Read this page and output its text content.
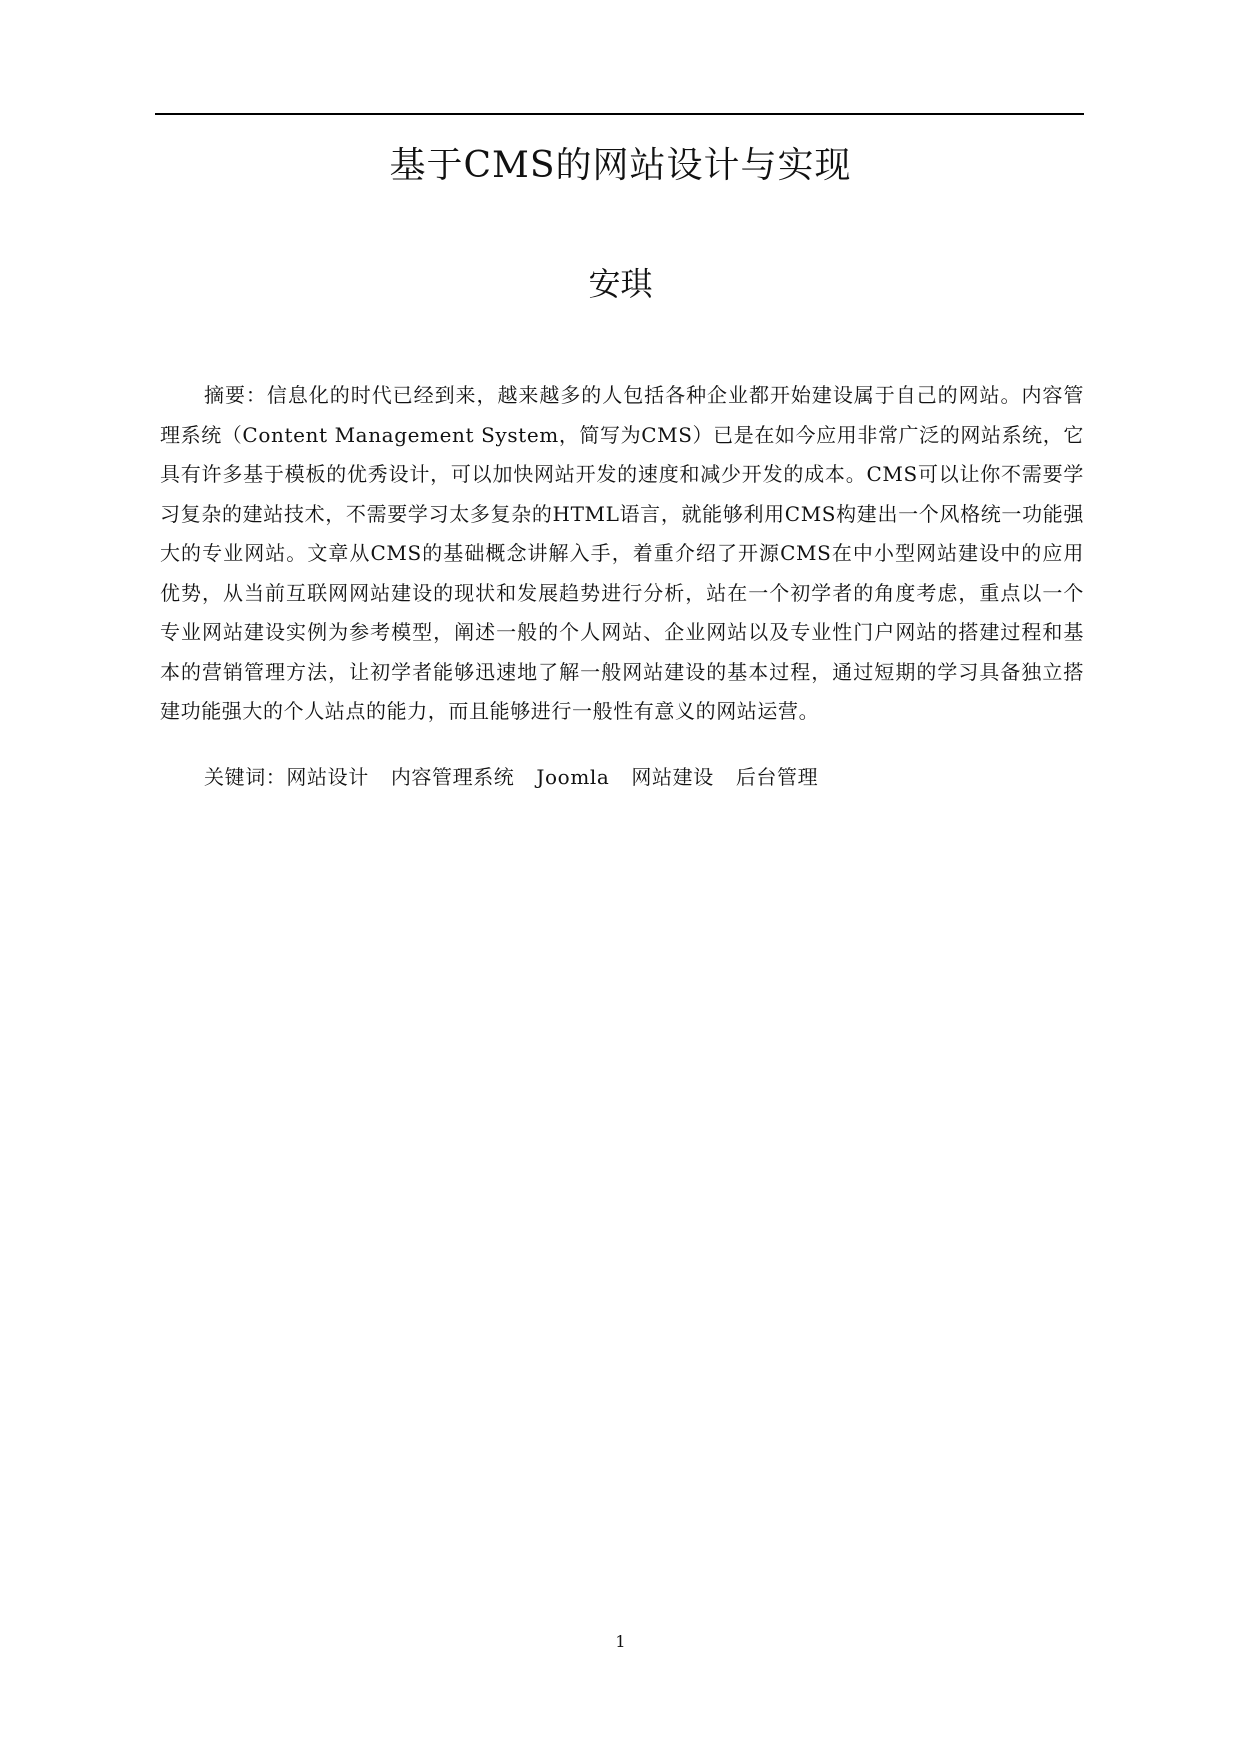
基于CMS的网站设计与实现

安琪

摘要：信息化的时代已经到来，越来越多的人包括各种企业都开始建设属于自己的网站。内容管理系统（Content Management System，简写为CMS）已是在如今应用非常广泛的网站系统，它具有许多基于模板的优秀设计，可以加快网站开发的速度和减少开发的成本。CMS可以让你不需要学习复杂的建站技术，不需要学习太多复杂的HTML语言，就能够利用CMS构建出一个风格统一功能强大的专业网站。文章从CMS的基础概念讲解入手，着重介绍了开源CMS在中小型网站建设中的应用优势，从当前互联网网站建设的现状和发展趋势进行分析，站在一个初学者的角度考虑，重点以一个专业网站建设实例为参考模型，阐述一般的个人网站、企业网站以及专业性门户网站的搭建过程和基本的营销管理方法，让初学者能够迅速地了解一般网站建设的基本过程，通过短期的学习具备独立搭建功能强大的个人站点的能力，而且能够进行一般性有意义的网站运营。

关键词：网站设计 内容管理系统 Joomla 网站建设 后台管理

1
